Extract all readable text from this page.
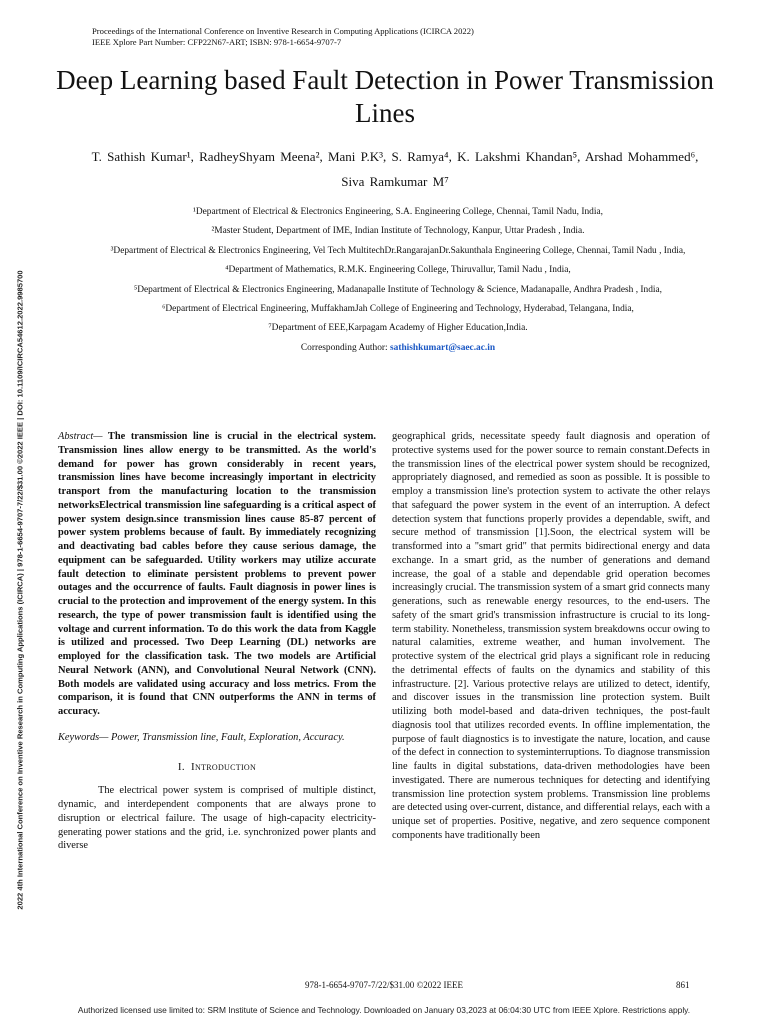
2022 4th International Conference on Inventive Research in Computing Applications (ICIRCA) | 978-1-6654-9707-7/22/$31.00 ©2022 IEEE | DOI: 10.1109/ICIRCA54612.2022.9985700
Proceedings of the International Conference on Inventive Research in Computing Applications (ICIRCA 2022)
IEEE Xplore Part Number: CFP22N67-ART; ISBN: 978-1-6654-9707-7
Deep Learning based Fault Detection in Power Transmission Lines
T. Sathish Kumar¹, RadheyShyam Meena², Mani P.K³, S. Ramya⁴, K. Lakshmi Khandan⁵, Arshad Mohammed⁶, Siva Ramkumar M⁷
¹Department of Electrical & Electronics Engineering, S.A. Engineering College, Chennai, Tamil Nadu, India,
²Master Student, Department of IME, Indian Institute of Technology, Kanpur, Uttar Pradesh , India.
³Department of Electrical & Electronics Engineering, Vel Tech MultitechDr.RangarajanDr.Sakunthala Engineering College, Chennai, Tamil Nadu , India,
⁴Department of Mathematics, R.M.K. Engineering College, Thiruvallur, Tamil Nadu , India,
⁵Department of Electrical & Electronics Engineering, Madanapalle Institute of Technology & Science, Madanapalle, Andhra Pradesh , India,
⁶Department of Electrical Engineering, MuffakhamJah College of Engineering and Technology, Hyderabad, Telangana, India,
⁷Department of EEE,Karpagam Academy of Higher Education,India.
Corresponding Author: sathishkumart@saec.ac.in

Abstract— The transmission line is crucial in the electrical system. Transmission lines allow energy to be transmitted. As the world's demand for power has grown considerably in recent years, transmission lines have become increasingly important in electricity transport from the manufacturing location to the transmission networksElectrical transmission line safeguarding is a critical aspect of power system design.since transmission lines cause 85-87 percent of power system problems because of fault. By immediately recognizing and deactivating bad cables before they cause serious damage, the equipment can be safeguarded. Utility workers may utilize accurate fault detection to eliminate persistent problems to prevent power outages and the occurrence of faults. Fault diagnosis in power lines is crucial to the protection and improvement of the energy system. In this research, the type of power transmission fault is identified using the voltage and current information. To do this work the data from Kaggle is utilized and processed. Two Deep Learning (DL) networks are employed for the classification task. The two models are Artificial Neural Network (ANN), and Convolutional Neural Network (CNN). Both models are validated using accuracy and loss metrics. From the comparison, it is found that CNN outperforms the ANN in terms of accuracy.

Keywords— Power, Transmission line, Fault, Exploration, Accuracy.

I. Introduction

The electrical power system is comprised of multiple distinct, dynamic, and interdependent components that are always prone to disruption or electrical failure. The usage of high-capacity electricity-generating power stations and the grid, i.e. synchronized power plants and diverse

geographical grids, necessitate speedy fault diagnosis and operation of protective systems used for the power source to remain constant.Defects in the transmission lines of the electrical power system should be recognized, appropriately diagnosed, and remedied as soon as possible. It is possible to employ a transmission line's protection system to activate the other relays that safeguard the power system in the event of an interruption. A defect detection system that functions properly provides a dependable, swift, and secure method of transmission [1].Soon, the electrical system will be transformed into a "smart grid" that permits bidirectional energy and data exchange. In a smart grid, as the number of generations and demand increase, the goal of a stable and dependable grid operation becomes increasingly crucial. The transmission system of a smart grid connects many generations, such as renewable energy resources, to the end-users. The safety of the smart grid's transmission infrastructure is crucial to its long-term stability. Nonetheless, transmission system breakdowns occur owing to natural calamities, extreme weather, and human involvement. The protective system of the electrical grid plays a significant role in reducing the detrimental effects of faults on the dynamics and stability of this infrastructure. [2]. Various protective relays are utilized to detect, identify, and discover issues in the transmission line protection system. Built utilizing both model-based and data-driven techniques, the post-fault diagnosis tool that utilizes recorded events. In offline implementation, the purpose of fault diagnostics is to investigate the nature, location, and cause of the defect in connection to systeminterruptions. To diagnose transmission line faults in digital substations, data-driven methodologies have been investigated. There are numerous techniques for detecting and identifying transmission line protection system problems. Transmission line problems are detected using over-current, distance, and differential relays, each with a unique set of properties. Positive, negative, and zero sequence component components have traditionally been

978-1-6654-9707-7/22/$31.00 ©2022 IEEE	861
Authorized licensed use limited to: SRM Institute of Science and Technology. Downloaded on January 03,2023 at 06:04:30 UTC from IEEE Xplore. Restrictions apply.
